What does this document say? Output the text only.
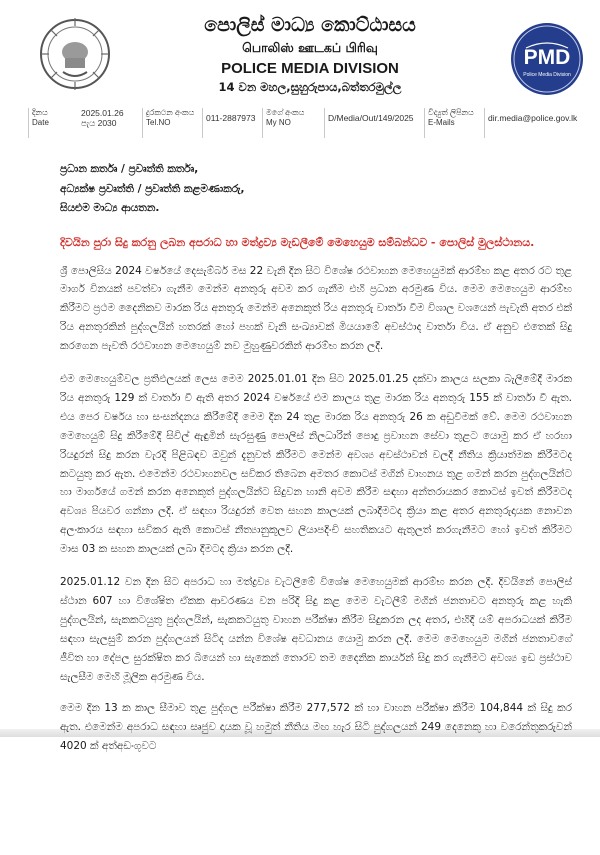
පොලිස් මාධ්‍ය කොට්ඨාසය
பொலிஸ் ஊடகப் பிரிவு
POLICE MEDIA DIVISION
14 වන මහල,සුහුරුපාය,බත්තරමුල්ල
PMD
Police Media Division
දිනය
Date
2025.01.26
පැය 2030
දුරකථන අංකය
Tel.NO	011-2887973
මගේ අංකය
My NO	D/Media/Out/149/2025
විද්‍යුත් ලිපිනය
E-Mails	dir.media@police.gov.lk
ප්‍රධාන කර්තෘ / ප්‍රවෘත්ති කර්තෘ,
අධ්‍යක්ෂ ප්‍රවෘත්ති / ප්‍රවෘත්ති කළමණාකරු,
සියළුම මාධ්‍ය ආයතන.
දිවයින පුරා සිදු කරනු ලබන අපරාධ හා මත්ද්‍රව්‍ය මැඩලීමේ මෙහෙයුම සම්බන්ධව - පොලිස් මුලස්ථානය.
ශ්‍රී පොලිසිය 2024 වර්ෂයේ දෙසැම්බර් මස 22 වැනි දින සිට විශේෂ රථවාහන මෙහෙයුමක් ආරම්භ කළ අතර රට තුළ මාර්ග විනයක් පවත්වා ගැනීම මෙන්ම අනතුරු අවම කර ගැනීම එහි ප්‍රධාන අරමුණ විය. මෙම මෙහෙයුම ආරම්භ කිරීමට ප්‍රථම දෛනිකව මාරක රිය අනතුරු මෙන්ම අනෙකුත් රිය අනතුරු වාර්තා වීම විශාල වශයෙන් පැවැති අතර එක් රිය අනතුරකින් පුද්ගලයින් හතරක් හෝ පහක් වැනි සංඛ්‍යාවක් මියයාමේ අවස්ථාද වාර්තා විය. ඒ අනුව එතෙක් සිදු කරගෙන පැවති රථවාහන මෙහෙයුම් නව මුහුණුවරකින් ආරම්භ කරන ලදී.
එම මෙහෙයුම්වල ප්‍රතිඵලයක් ලෙස මෙම 2025.01.01 දින සිට 2025.01.25 දක්වා කාලය සලකා බැලීමේදී මාරක රිය අනතුරු 129 ක් වාර්තා වී ඇති අතර 2024 වර්ෂයේ එම කාලය තුළ මාරක රිය අනතුරු 155 ක් වාර්තා වී ඇත. එය පෙර වර්ෂය හා සංසන්දනය කිරීමේදී මෙම දින 24 තුළ මාරක රිය අනතුරු 26 ක අඩුවීමක් වේ. මෙම රථවාහන මෙහෙයුම් සිදු කිරීමේදී සිවිල් ඇඳුමින් සැරසුණු පොලිස් නිලධාරින් පොදු ප්‍රවාහන සේවා තුළට යොමු කර ඒ හරහා රියදුරන් සිදු කරන වැරදි පිළිබඳව ඔවුන් දැනුවත් කිරීමට මෙන්ම අවශ්‍ය අවස්ථාවන් වලදී නීතිය ක්‍රියාත්මක කිරීමටද කටයුතු කර ඇත. එමෙන්ම රථවාහනවල සවිකර තිබෙන අමතර කොටස් මගින් වාහනය තුළ ගමන් කරන පුද්ගලයින්ට හා මාර්ගයේ ගමන් කරන අනෙකුත් පුද්ගලයින්ට සිදුවන හානි අවම කිරීම සඳහා අන්තරායකර කොටස් ඉවත් කිරීමටද අවශ්‍ය පියවර ගන්නා ලදී. ඒ සඳහා රියදුරන් වෙත සහන කාලයක් ලබාදීමටද ක්‍රියා කළ අතර අනතුරුදායක නොවන අලංකාරය සඳහා සවිකර ඇති කොටස් නීත්‍යානුකූලව ලියාපදිංචි සහතිකයට ඇතුලත් කරගැනීමට හෝ ඉවත් කිරීමට මාස 03 ක සහන කාලයක් ලබා දීමටද ක්‍රියා කරන ලදී.
2025.01.12 වන දින සිට අපරාධ හා මත්ද්‍රව්‍ය වැටලීමේ විශේෂ මෙහෙයුමක් ආරම්භ කරන ලදී. දිවයිනේ පොලිස් ස්ථාන 607 හා විශේෂිත ඒකක ආවරණය වන පරිදි සිදු කළ මෙම වැටලීම් මගින් ජනතාවට අනතුරු කළ හැකි පුද්ගලයින්, සැකකටයුතු පුද්ගලයින්, සැකකටයුතු වාහන පරීක්ෂා කිරීම සිදුකරන ලද අතර, එහිදී යම් අපරාධයක් කිරීම සඳහා සැලසුම් කරන පුද්ගලයන් සිටිද යන්න විශේෂ අවධානය යොමු කරන ලදී. මෙම මෙහෙයුම මගින් ජනතාවගේ ජීවිත හා දේපල සුරක්ෂිත කර බියෙන් හා සැකෙන් තොරව තම දෛනික කාර්යන් සිදු කර ගැනීමට අවශ්‍ය ඉඩ ප්‍රස්ථාව සැලසීම මෙහි මූලික අරමුණ විය.
මෙම දින 13 ක කාල සීමාව තුළ පුද්ගල පරීක්ෂා කිරීම 277,572 ක් හා වාහන පරීක්ෂා කිරීම 104,844 ක් සිදු කර ඇත. එමෙන්ම අපරාධ සඳහා සෘජුව දායක වූ හමුත් නීතිය මඟ හැර සිටි පුද්ගලයන් 249 දෙනෙකු හා වරෙන්තුකරුවන් 4020 ක් අත්අඩංගුවට
